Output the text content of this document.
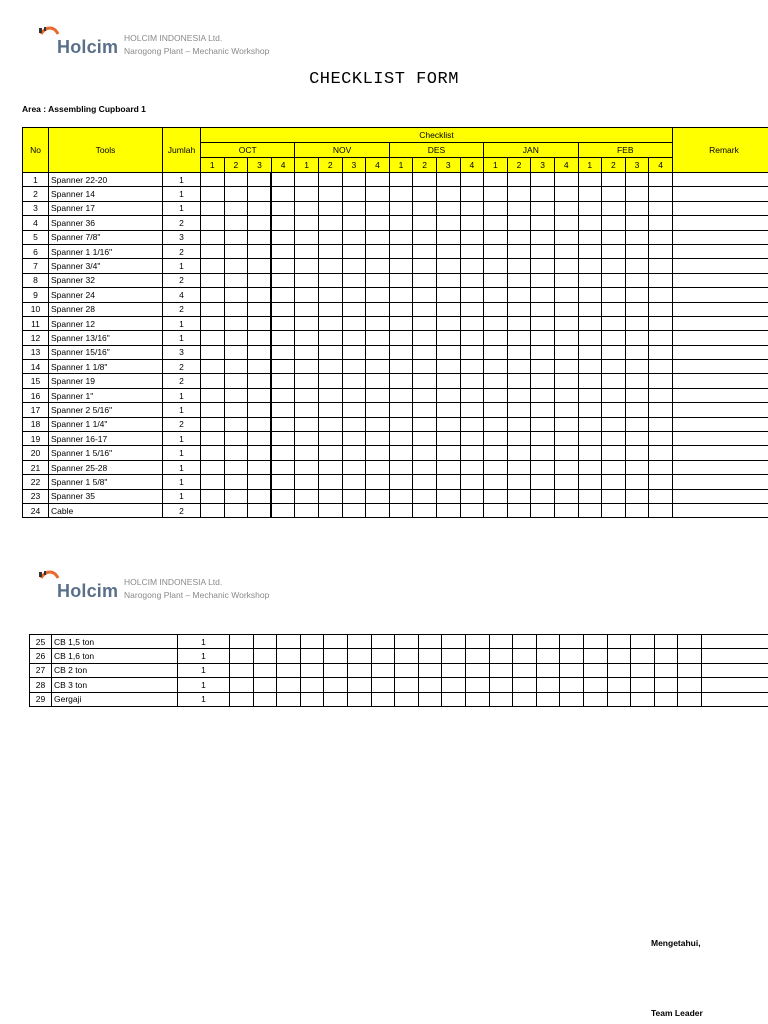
Holcim HOLCIM INDONESIA Ltd.
Narogong Plant – Mechanic Workshop
CHECKLIST FORM
Area : Assembling Cupboard 1
No	Tools	Jumlah	Checklist																				Remark
			OCT				NOV				DES				JAN				FEB				
			1	2	3	4	1	2	3	4	1	2	3	4	1	2	3	4	1	2	3	4	
1	Spanner 22-20	1																					
2	Spanner 14	1																					
3	Spanner 17	1																					
4	Spanner 36	2																					
5	Spanner 7/8"	3																					
6	Spanner 1 1/16"	2																					
7	Spanner 3/4"	1																					
8	Spanner 32	2																					
9	Spanner 24	4																					
10	Spanner 28	2																					
11	Spanner 12	1																					
12	Spanner 13/16"	1																					
13	Spanner 15/16"	3																					
14	Spanner 1 1/8"	2																					
15	Spanner 19	2																					
16	Spanner 1"	1																					
17	Spanner 2 5/16"	1																					
18	Spanner 1 1/4"	2																					
19	Spanner 16-17	1																					
20	Spanner 1 5/16"	1																					
21	Spanner 25-28	1																					
22	Spanner 1 5/8"	1																					
23	Spanner 35	1																					
24	Cable	2																					
Holcim HOLCIM INDONESIA Ltd.
Narogong Plant – Mechanic Workshop
25	CB 1,5 ton	1																					
26	CB 1,6 ton	1																					
27	CB 2 ton	1																					
28	CB 3 ton	1																					
29	Gergaji	1																					
Mengetahui,
Team Leader
